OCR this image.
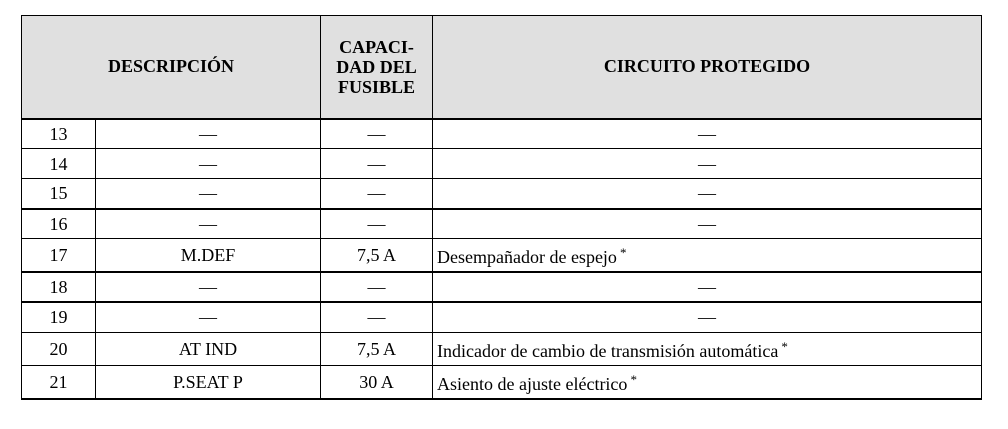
DESCRIPCIÓN		CAPACI-
DAD DEL
FUSIBLE	CIRCUITO PROTEGIDO
13	—	—	—
14	—	—	—
15	—	—	—
16	—	—	—
17	M.DEF	7,5 A	Desempañador de espejo *
18	—	—	—
19	—	—	—
20	AT IND	7,5 A	Indicador de cambio de transmisión automática *
21	P.SEAT P	30 A	Asiento de ajuste eléctrico *
